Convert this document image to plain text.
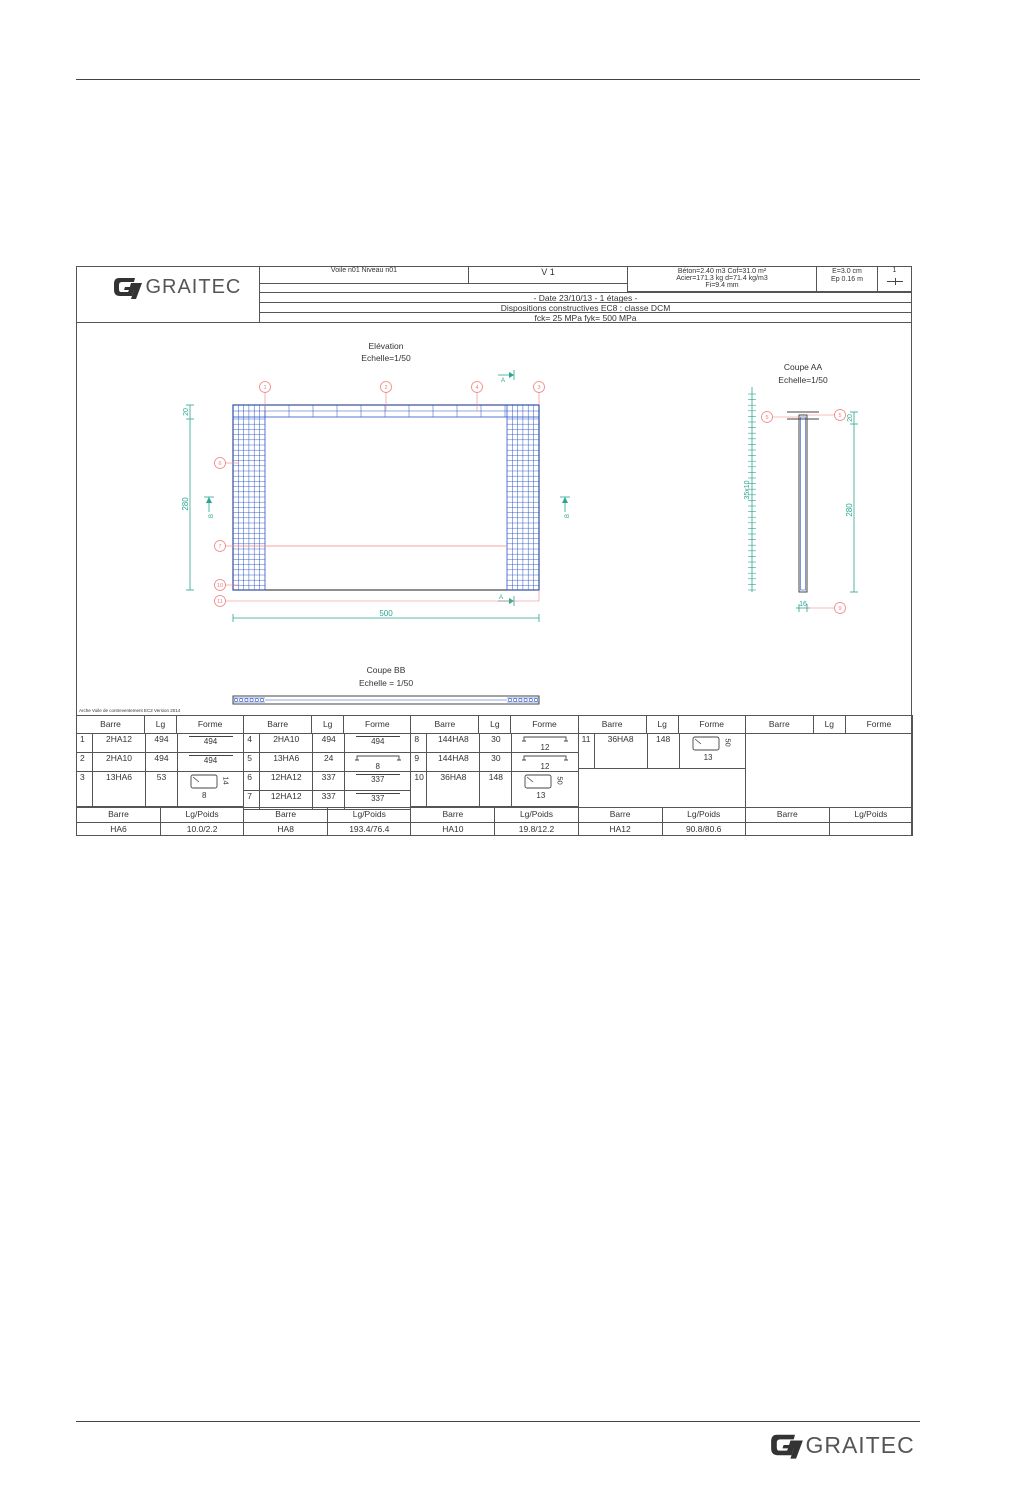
GRAITEC
Voile n01 Niveau n01	V 1	Béton=2.40 m3 Cof=31.0 m²
Acier=171.3 kg d=71.4 kg/m3
Fi=9.4 mm
E=3.0 cm
Ep 0.16 m
1
- Date 23/10/13 - 1 étages -
Dispositions constructives EC8 : classe DCM
fck= 25 MPa fyk= 500 MPa
Elévation
Echelle=1/50
500
20
280
A
A
B	B
1	2	4	3
6
7
10
11
Coupe AA
Echelle=1/50
35x10
20
280
16
5	5
9
Coupe BB
Echelle = 1/50
Arche Voile de contreventement EC2 Version 2014
Barre	Lg	Forme
1	2HA12	494	494
2	2HA10	494	494
3	13HA6	53	14
8
Barre	Lg	Forme
4	2HA10	494	494
5	13HA6	24
8
6	12HA12	337	337
7	12HA12	337	337
Barre	Lg	Forme
8	144HA8	30
12
9	144HA8	30
12
10	36HA8	148	50
13
Barre	Lg	Forme
11	36HA8	148	50
13
Barre	Lg	Forme
Barre	Lg/Poids
HA6	10.0/2.2
Barre	Lg/Poids
HA8	193.4/76.4
Barre	Lg/Poids
HA10	19.8/12.2
Barre	Lg/Poids
HA12	90.8/80.6
Barre	Lg/Poids
GRAITEC
